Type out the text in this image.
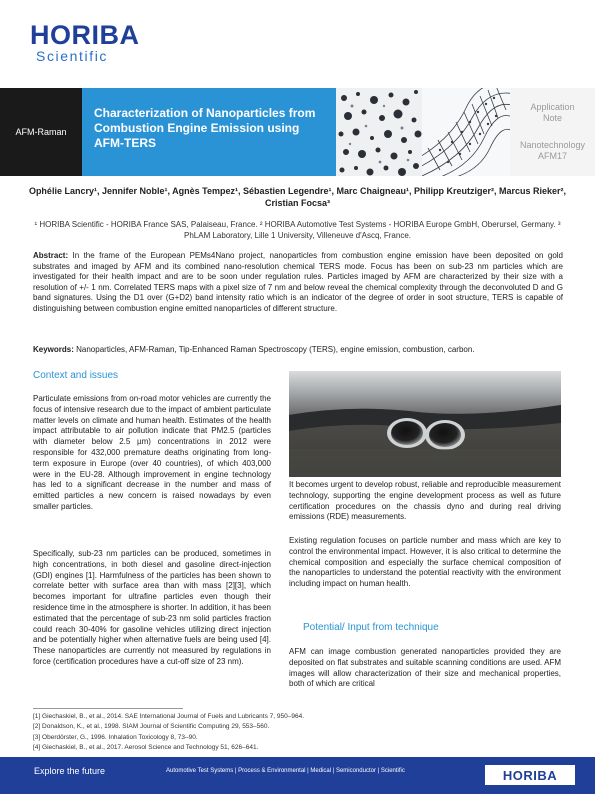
HORIBA
Scientific
AFM-Raman
Characterization of Nanoparticles from Combustion Engine Emission using AFM-TERS
Application
Note
Nanotechnology
AFM17
Ophélie Lancry¹, Jennifer Noble¹, Agnès Tempez¹, Sébastien Legendre¹, Marc Chaigneau¹, Philipp Kreutziger², Marcus Rieker², Cristian Focsa³
¹ HORIBA Scientific - HORIBA France SAS, Palaiseau, France. ² HORIBA Automotive Test Systems - HORIBA Europe GmbH, Oberursel, Germany. ³ PhLAM Laboratory, Lille 1 University, Villeneuve d'Ascq, France.
Abstract: In the frame of the European PEMs4Nano project, nanoparticles from combustion engine emission have been deposited on gold substrates and imaged by AFM and its combined nano-resolution chemical TERS mode. Focus has been on sub-23 nm particles which are investigated for their health impact and are to be soon under regulation rules. Particles imaged by AFM are characterized by their size with a resolution of +/- 1 nm. Correlated TERS maps with a pixel size of 7 nm and below reveal the chemical complexity through the deconvoluted D and G band signatures. Using the D1 over (G+D2) band intensity ratio which is an indicator of the degree of order in soot structure, TERS is capable of distinguishing between combustion engine emitted nanoparticles of different structure.
Keywords: Nanoparticles, AFM-Raman, Tip-Enhanced Raman Spectroscopy (TERS), engine emission, combustion, carbon.
Context and issues
Particulate emissions from on-road motor vehicles are currently the focus of intensive research due to the impact of ambient particulate matter levels on climate and human health. Estimates of the health impact attributable to air pollution indicate that PM2.5 (particles with diameter below 2.5 µm) concentrations in 2012 were responsible for 432,000 premature deaths originating from long-term exposure in Europe (over 40 countries), of which 403,000 were in the EU-28. Although improvement in engine technology has led to a significant decrease in the number and mass of emitted particles a new concern is raised nowadays by even smaller particles.
Specifically, sub-23 nm particles can be produced, sometimes in high concentrations, in both diesel and gasoline direct-injection (GDI) engines [1]. Harmfulness of the particles has been shown to correlate better with surface area than with mass [2][3], which becomes important for ultrafine particles even though their residence time in the atmosphere is shorter. In addition, it has been estimated that the percentage of sub-23 nm solid particles fraction could reach 30-40% for gasoline vehicles utilizing direct injection and be potentially higher when alternative fuels are being used [4]. These nanoparticles are currently not measured by regulations in force (certification procedures have a cut-off size of 23 nm).
It becomes urgent to develop robust, reliable and reproducible measurement technology, supporting the engine development process as well as future certification procedures on the chassis dyno and during real driving emissions (RDE) measurements.
Existing regulation focuses on particle number and mass which are key to control the environmental impact. However, it is also critical to determine the chemical composition and especially the surface chemical composition of the nanoparticles to understand the potential reactivity with the environment including impact on human health.
Potential/ Input from technique
AFM can image combustion generated nanoparticles provided they are deposited on flat substrates and suitable scanning conditions are used. AFM images will allow characterization of their size and mechanical properties, both of which are critical
[1] Giechaskiel, B., et al., 2014. SAE International Journal of Fuels and Lubricants 7, 950–964.
[2] Donaldson, K., et al., 1998. SIAM Journal of Scientific Computing 29, 553–560.
[3] Oberdörster, G., 1996. Inhalation Toxicology 8, 73–90.
[4] Giechaskiel, B., et al., 2017. Aerosol Science and Technology 51, 626–641.
Explore the future	Automotive Test Systems | Process & Environmental | Medical | Semiconductor | Scientific	HORIBA
